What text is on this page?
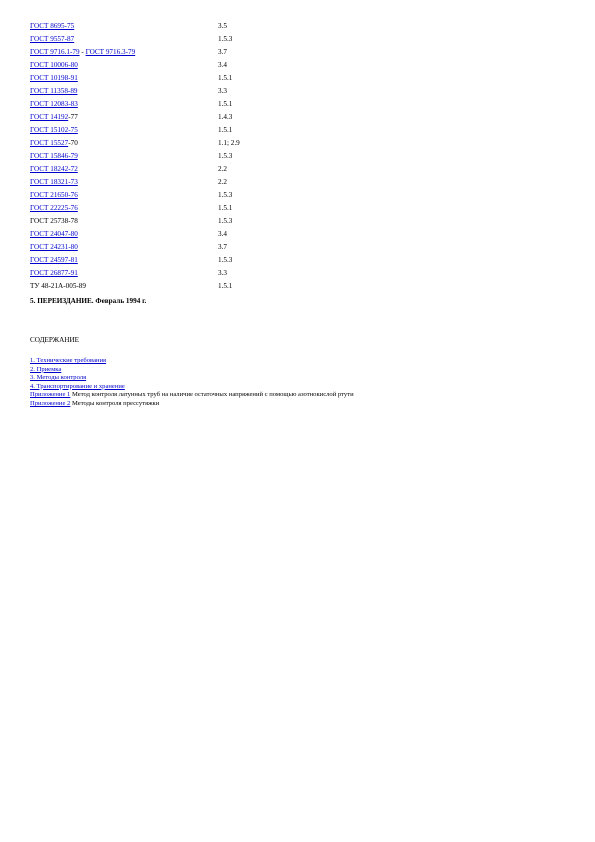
ГОСТ 8695-75	3.5
ГОСТ 9557-87	1.5.3
ГОСТ 9716.1-79 - ГОСТ 9716.3-79	3.7
ГОСТ 10006-80	3.4
ГОСТ 10198-91	1.5.1
ГОСТ 11358-89	3.3
ГОСТ 12083-83	1.5.1
ГОСТ 14192-77	1.4.3
ГОСТ 15102-75	1.5.1
ГОСТ 15527-70	1.1; 2.9
ГОСТ 15846-79	1.5.3
ГОСТ 18242-72	2.2
ГОСТ 18321-73	2.2
ГОСТ 21650-76	1.5.3
ГОСТ 22225-76	1.5.1
ГОСТ 25738-78	1.5.3
ГОСТ 24047-80	3.4
ГОСТ 24231-80	3.7
ГОСТ 24597-81	1.5.3
ГОСТ 26877-91	3.3
ТУ 48-21А-005-89	1.5.1
5. ПЕРЕИЗДАНИЕ. Февраль 1994 г.
СОДЕРЖАНИЕ
1. Технические требования
2. Приемка
3. Методы контроля
4. Транспортирование и хранение
Приложение 1 Метод контроля латунных труб на наличие остаточных напряжений с помощью азотнокислой ртути
Приложение 2 Методы контроля прессутяжки
